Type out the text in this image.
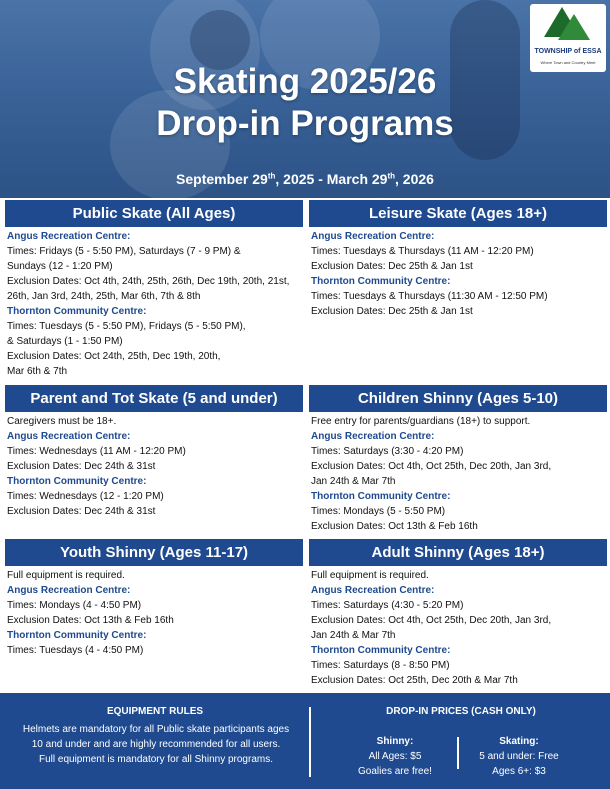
Skating 2025/26
Drop-in Programs
September 29th, 2025 - March 29th, 2026
TOWNSHIP of ESSA
Where Town and Country Meet
Public Skate (All Ages)
Angus Recreation Centre:
Times: Fridays (5 - 5:50 PM), Saturdays (7 - 9 PM) &
Sundays (12 - 1:20 PM)
Exclusion Dates: Oct 4th, 24th, 25th, 26th, Dec 19th, 20th, 21st,
26th, Jan 3rd, 24th, 25th, Mar 6th, 7th & 8th
Thornton Community Centre:
Times: Tuesdays (5 - 5:50 PM), Fridays (5 - 5:50 PM),
& Saturdays (1 - 1:50 PM)
Exclusion Dates: Oct 24th, 25th, Dec 19th, 20th,
Mar 6th & 7th
Leisure Skate (Ages 18+)
Angus Recreation Centre:
Times: Tuesdays & Thursdays (11 AM - 12:20 PM)
Exclusion Dates: Dec 25th & Jan 1st
Thornton Community Centre:
Times: Tuesdays & Thursdays (11:30 AM - 12:50 PM)
Exclusion Dates: Dec 25th & Jan 1st
Parent and Tot Skate (5 and under)
Caregivers must be 18+.
Angus Recreation Centre:
Times: Wednesdays (11 AM - 12:20 PM)
Exclusion Dates: Dec 24th & 31st
Thornton Community Centre:
Times: Wednesdays (12 - 1:20 PM)
Exclusion Dates: Dec 24th & 31st
Children Shinny (Ages 5-10)
Free entry for parents/guardians (18+) to support.
Angus Recreation Centre:
Times: Saturdays (3:30 - 4:20 PM)
Exclusion Dates: Oct 4th, Oct 25th, Dec 20th, Jan 3rd,
Jan 24th & Mar 7th
Thornton Community Centre:
Times: Mondays (5 - 5:50 PM)
Exclusion Dates: Oct 13th & Feb 16th
Youth Shinny (Ages 11-17)
Full equipment is required.
Angus Recreation Centre:
Times: Mondays (4 - 4:50 PM)
Exclusion Dates: Oct 13th & Feb 16th
Thornton Community Centre:
Times: Tuesdays (4 - 4:50 PM)
Adult Shinny (Ages 18+)
Full equipment is required.
Angus Recreation Centre:
Times: Saturdays (4:30 - 5:20 PM)
Exclusion Dates: Oct 4th, Oct 25th, Dec 20th, Jan 3rd,
Jan 24th & Mar 7th
Thornton Community Centre:
Times: Saturdays (8 - 8:50 PM)
Exclusion Dates: Oct 25th, Dec 20th & Mar 7th
EQUIPMENT RULES
Helmets are mandatory for all Public skate participants ages
10 and under and are highly recommended for all users.
Full equipment is mandatory for all Shinny programs.
DROP-IN PRICES (CASH ONLY)
Shinny:
All Ages: $5
Goalies are free!
Skating:
5 and under: Free
Ages 6+: $3
